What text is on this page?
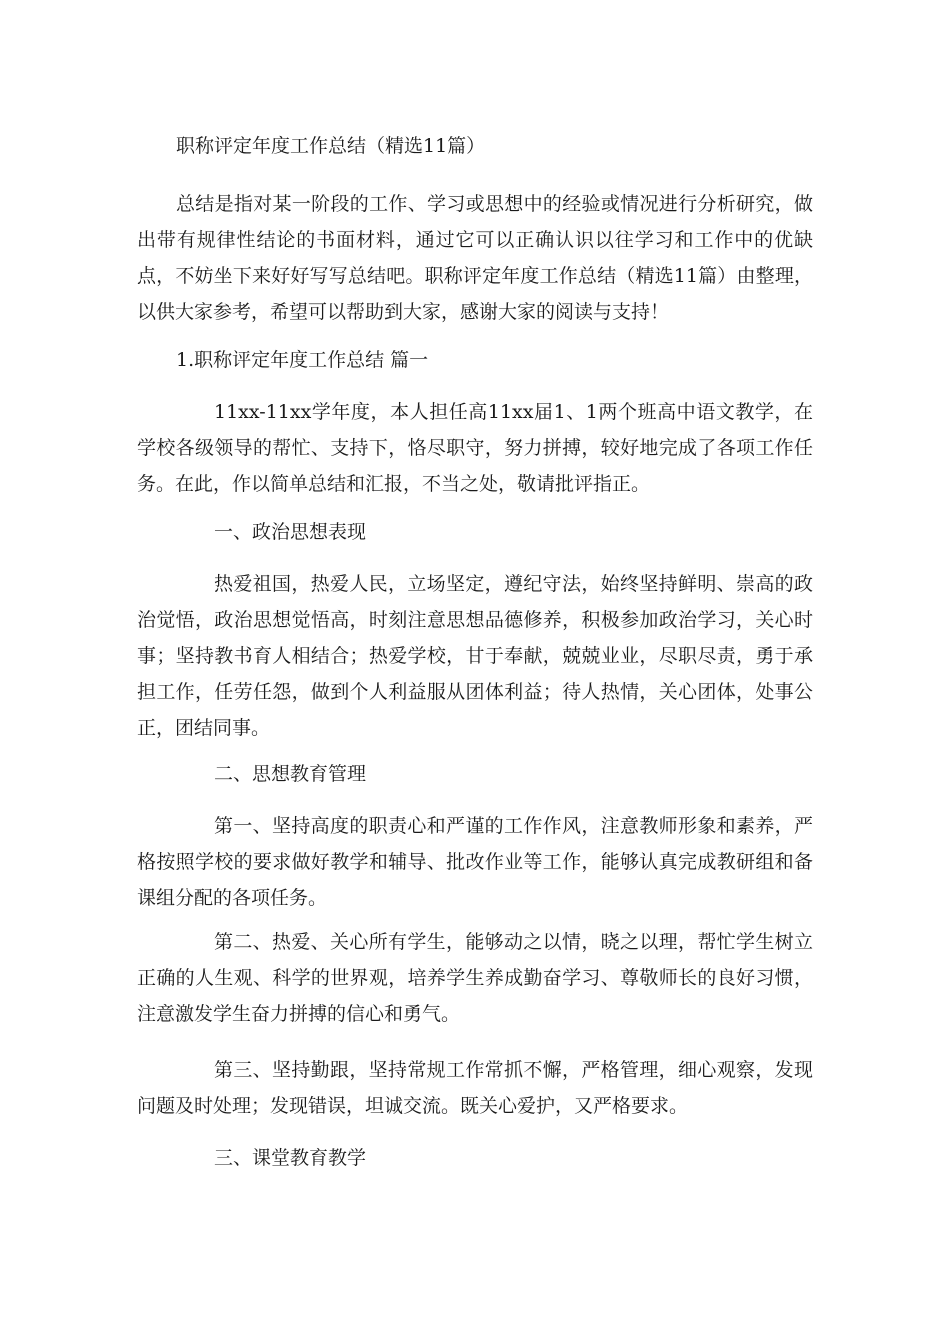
职称评定年度工作总结（精选11篇）

总结是指对某一阶段的工作、学习或思想中的经验或情况进行分析研究，做出带有规律性结论的书面材料，通过它可以正确认识以往学习和工作中的优缺点，不妨坐下来好好写写总结吧。职称评定年度工作总结（精选11篇）由整理，以供大家参考，希望可以帮助到大家，感谢大家的阅读与支持！

1.职称评定年度工作总结 篇一

11xx-11xx学年度，本人担任高11xx届1、1两个班高中语文教学，在学校各级领导的帮忙、支持下，恪尽职守，努力拼搏，较好地完成了各项工作任务。在此，作以简单总结和汇报，不当之处，敬请批评指正。

一、政治思想表现

热爱祖国，热爱人民，立场坚定，遵纪守法，始终坚持鲜明、崇高的政治觉悟，政治思想觉悟高，时刻注意思想品德修养，积极参加政治学习，关心时事；坚持教书育人相结合；热爱学校，甘于奉献，兢兢业业，尽职尽责，勇于承担工作，任劳任怨，做到个人利益服从团体利益；待人热情，关心团体，处事公正，团结同事。

二、思想教育管理

第一、坚持高度的职责心和严谨的工作作风，注意教师形象和素养，严格按照学校的要求做好教学和辅导、批改作业等工作，能够认真完成教研组和备课组分配的各项任务。

第二、热爱、关心所有学生，能够动之以情，晓之以理，帮忙学生树立正确的人生观、科学的世界观，培养学生养成勤奋学习、尊敬师长的良好习惯，注意激发学生奋力拼搏的信心和勇气。

第三、坚持勤跟，坚持常规工作常抓不懈，严格管理，细心观察，发现问题及时处理；发现错误，坦诚交流。既关心爱护，又严格要求。

三、课堂教育教学
